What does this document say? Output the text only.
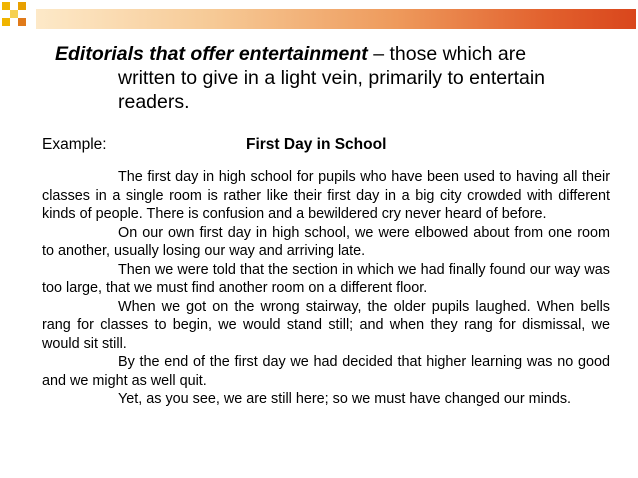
Editorials that offer entertainment – those which are
written to give in a light vein, primarily to entertain
readers.
Example:	First Day in School

The first day in high school for pupils who have been used to having all their classes in a single room is rather like their first day in a big city crowded with different kinds of people. There is confusion and a bewildered cry never heard of before.

On our own first day in high school, we were elbowed about from one room to another, usually losing our way and arriving late.

Then we were told that the section in which we had finally found our way was too large, that we must find another room on a different floor.

When we got on the wrong stairway, the older pupils laughed. When bells rang for classes to begin, we would stand still; and when they rang for dismissal, we would sit still.

By the end of the first day we had decided that higher learning was no good and we might as well quit.

Yet, as you see, we are still here; so we must have changed our minds.
